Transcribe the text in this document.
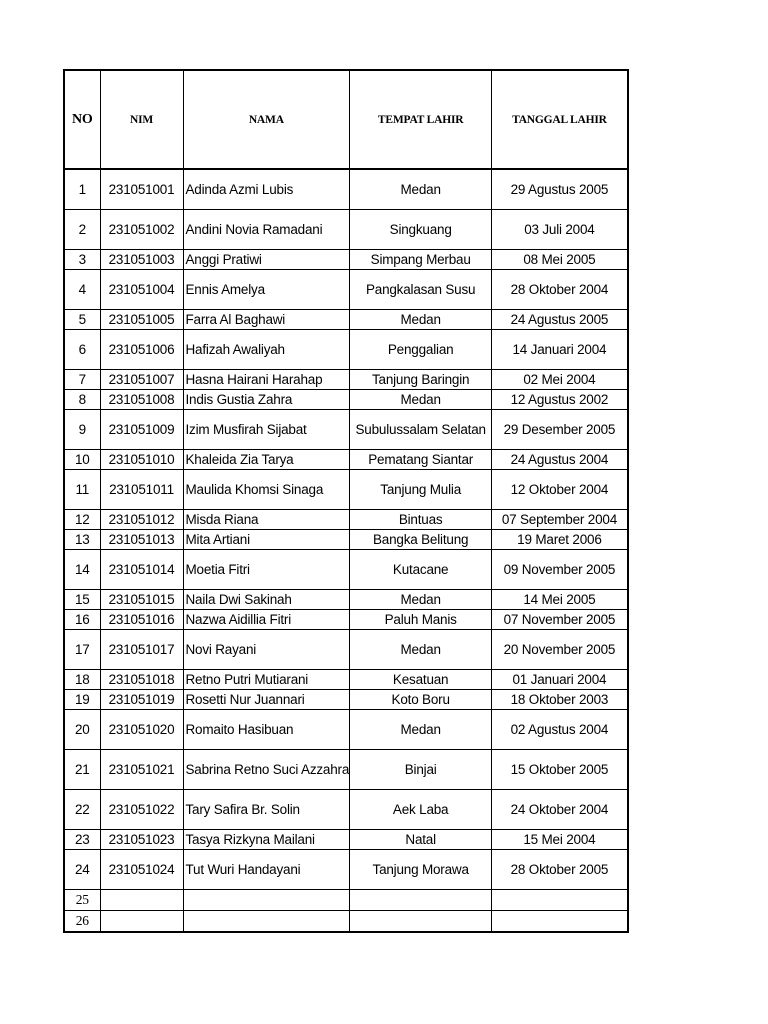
NO	NIM	NAMA	TEMPAT LAHIR	TANGGAL LAHIR
1	231051001	Adinda Azmi Lubis	Medan	29 Agustus 2005
2	231051002	Andini Novia Ramadani	Singkuang	03 Juli 2004
3	231051003	Anggi Pratiwi	Simpang Merbau	08 Mei 2005
4	231051004	Ennis Amelya	Pangkalasan Susu	28 Oktober 2004
5	231051005	Farra Al Baghawi	Medan	24 Agustus 2005
6	231051006	Hafizah Awaliyah	Penggalian	14 Januari 2004
7	231051007	Hasna Hairani Harahap	Tanjung Baringin	02 Mei 2004
8	231051008	Indis Gustia Zahra	Medan	12 Agustus 2002
9	231051009	Izim Musfirah Sijabat	Subulussalam Selatan	29 Desember 2005
10	231051010	Khaleida Zia Tarya	Pematang Siantar	24 Agustus 2004
11	231051011	Maulida Khomsi Sinaga	Tanjung Mulia	12 Oktober 2004
12	231051012	Misda Riana	Bintuas	07 September 2004
13	231051013	Mita Artiani	Bangka Belitung	19 Maret 2006
14	231051014	Moetia Fitri	Kutacane	09 November 2005
15	231051015	Naila Dwi Sakinah	Medan	14 Mei 2005
16	231051016	Nazwa Aidillia Fitri	Paluh Manis	07 November 2005
17	231051017	Novi Rayani	Medan	20 November 2005
18	231051018	Retno Putri Mutiarani	Kesatuan	01 Januari 2004
19	231051019	Rosetti Nur Juannari	Koto Boru	18 Oktober 2003
20	231051020	Romaito Hasibuan	Medan	02 Agustus 2004
21	231051021	Sabrina Retno Suci Azzahra	Binjai	15 Oktober 2005
22	231051022	Tary Safira Br. Solin	Aek Laba	24 Oktober 2004
23	231051023	Tasya Rizkyna Mailani	Natal	15 Mei 2004
24	231051024	Tut Wuri Handayani	Tanjung Morawa	28 Oktober 2005
25				
26				
